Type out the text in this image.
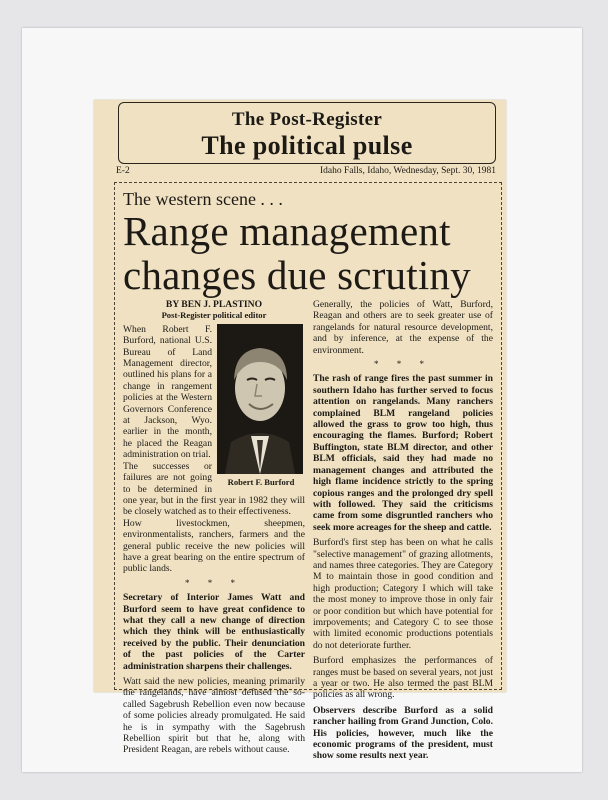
The Post-Register
The political pulse
E-2	Idaho Falls, Idaho, Wednesday, Sept. 30, 1981
The western scene . . .
Range management changes due scrutiny
BY BEN J. PLASTINO
Post-Register political editor
Robert F. Burford

When Robert F. Burford, national U.S. Bureau of Land Management director, outlined his plans for a change in rangement policies at the Western Governors Conference at Jackson, Wyo. earlier in the month, he placed the Reagan administration on trial.

The successes or failures are not going to be determined in one year, but in the first year in 1982 they will be closely watched as to their effectiveness.

How livestockmen, sheepmen, environmentalists, ranchers, farmers and the general public receive the new policies will have a great bearing on the entire spectrum of public lands.

* * *

Secretary of Interior James Watt and Burford seem to have great confidence to what they call a new change of direction which they think will be enthusiastically received by the public. Their denunciation of the past policies of the Carter administration sharpens their challenges.

Watt said the new policies, meaning primarily the rangelands, have almost defused the so-called Sagebrush Rebellion even now because of some policies already promulgated. He said he is in sympathy with the Sagebrush Rebellion spirit but that he, along with President Reagan, are rebels without cause.

Generally, the policies of Watt, Burford, Reagan and others are to seek greater use of rangelands for natural resource development, and by inference, at the expense of the environment.

* * *

The rash of range fires the past summer in southern Idaho has further served to focus attention on rangelands. Many ranchers complained BLM rangeland policies allowed the grass to grow too high, thus encouraging the flames. Burford; Robert Buffington, state BLM director, and other BLM officials, said they had made no management changes and attributed the high flame incidence strictly to the spring copious ranges and the prolonged dry spell with followed. They said the criticisms came from some disgruntled ranchers who seek more acreages for the sheep and cattle.

Burford's first step has been on what he calls "selective management" of grazing allotments, and names three categories. They are Category M to maintain those in good condition and high production; Category I which will take the most money to improve those in only fair or poor condition but which have potential for imrpovements; and Category C to see those with limited economic productions potentials do not deteriorate further.

Burford emphasizes the performances of ranges must be based on several years, not just a year or two. He also termed the past BLM policies as all wrong.

Observers describe Burford as a solid rancher hailing from Grand Junction, Colo. His policies, however, much like the economic programs of the president, must show some results next year.
